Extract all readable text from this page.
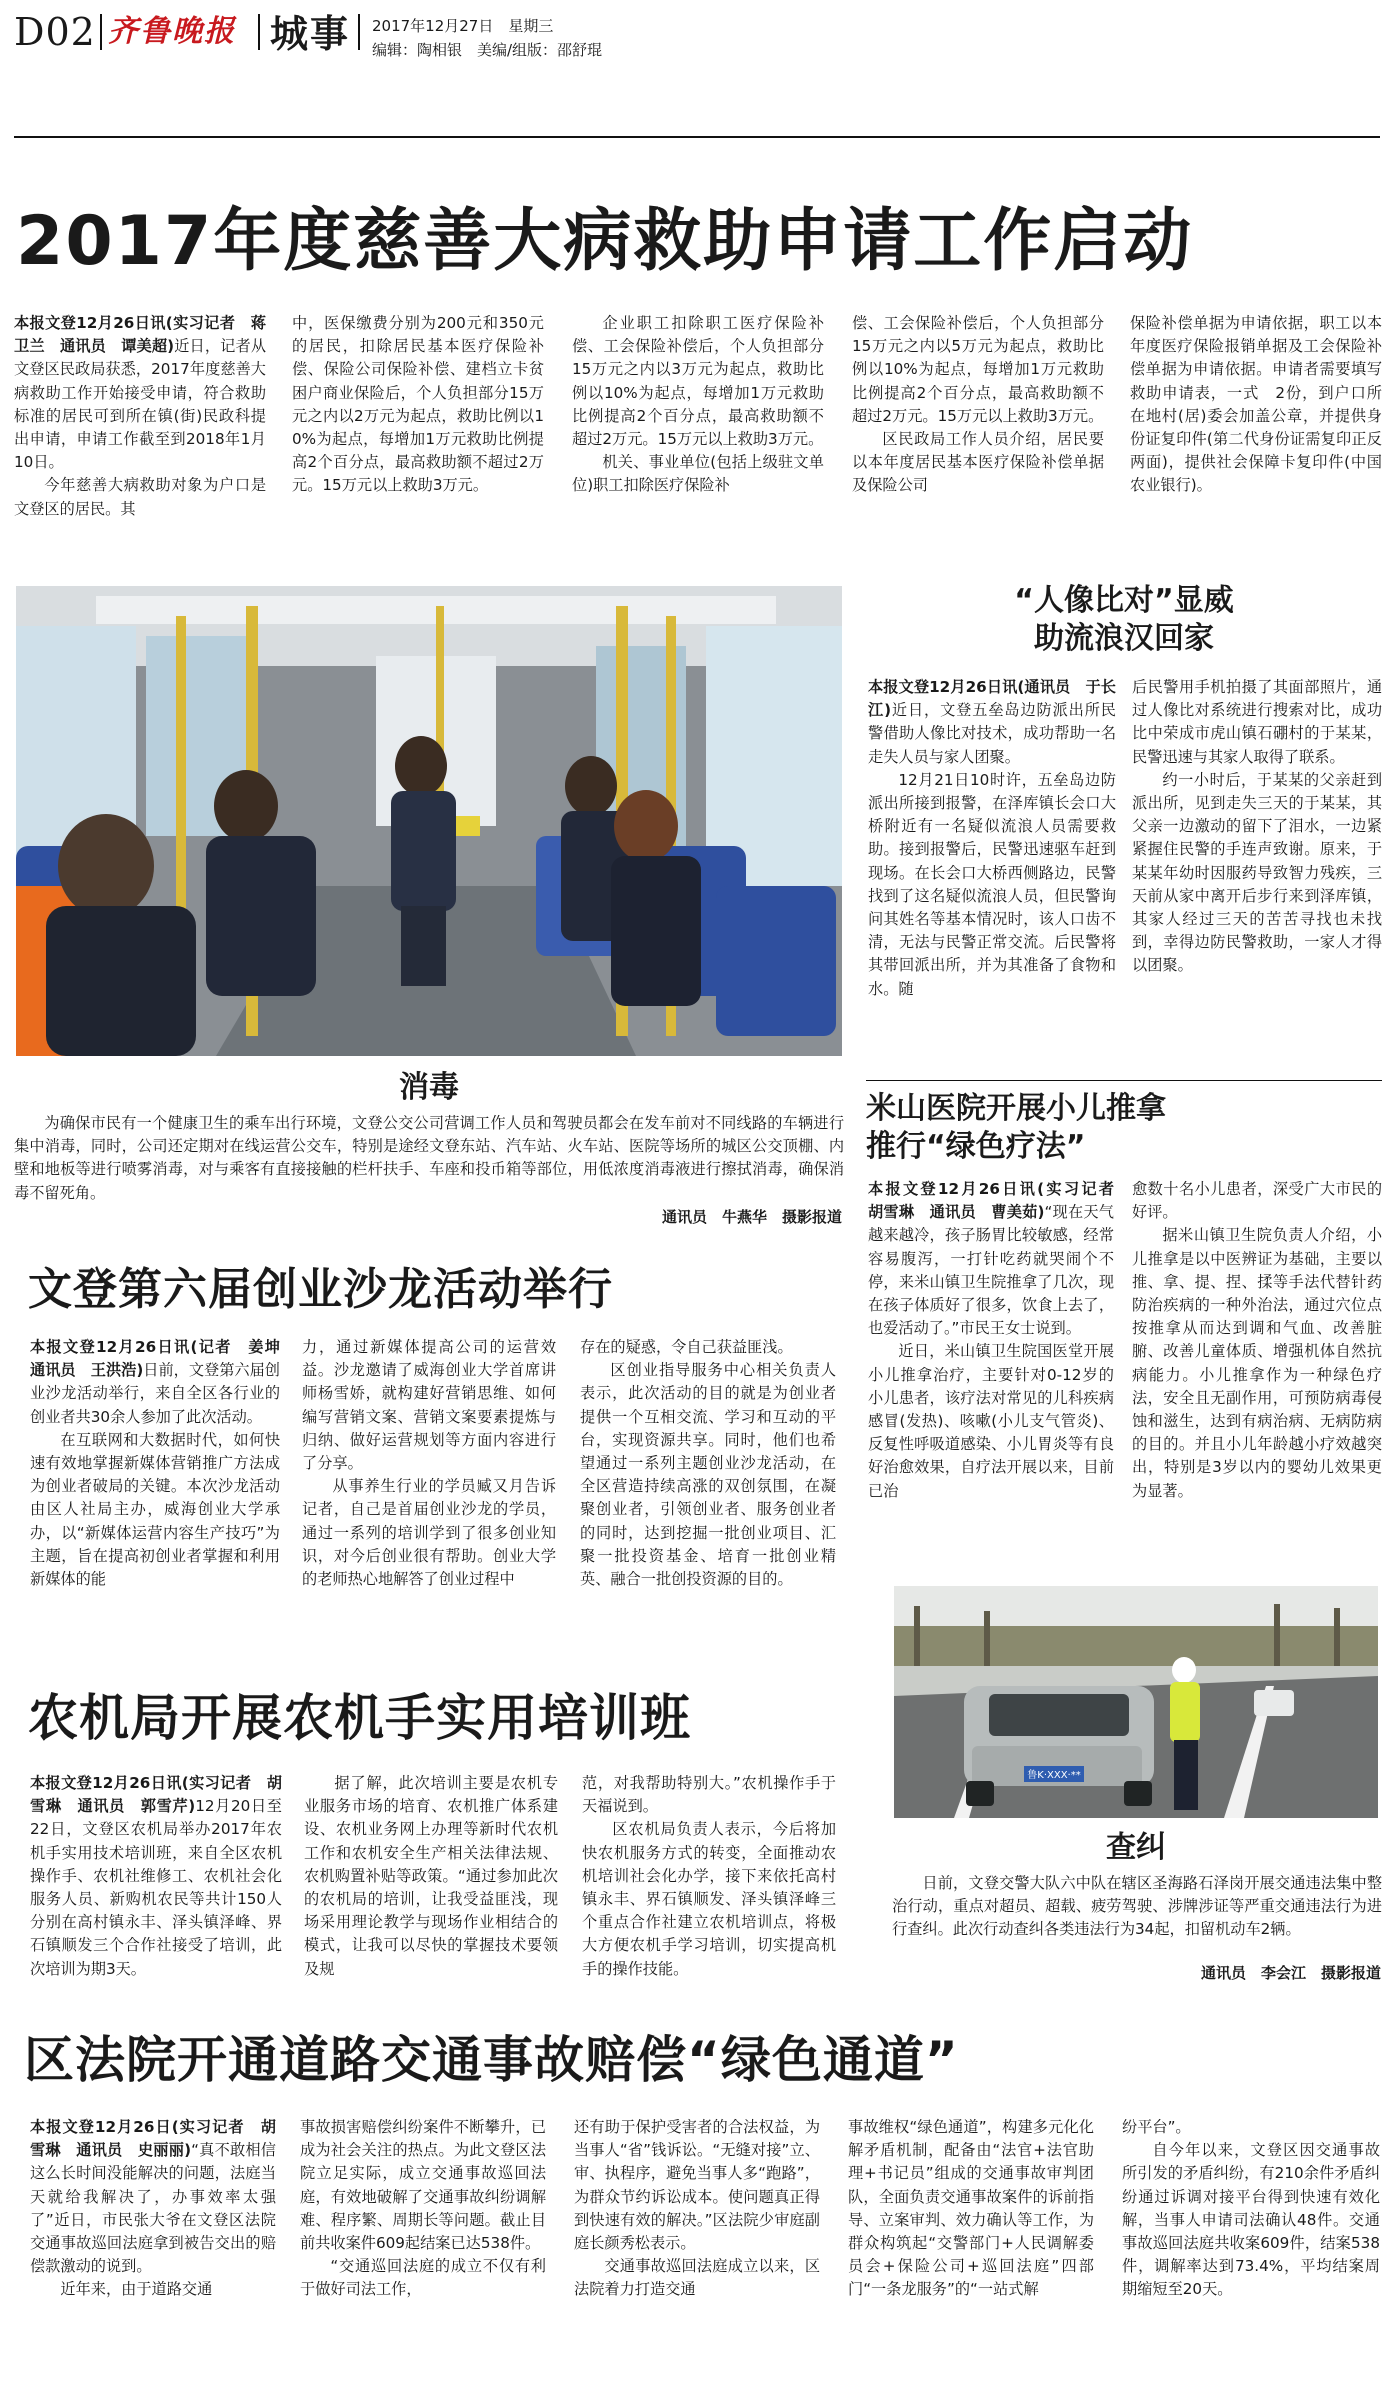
D02 齐鲁晚报 城事 2017年12月27日　星期三
编辑：陶相银　美编/组版：邵舒琨
2017年度慈善大病救助申请工作启动

本报文登12月26日讯(实习记者　蒋卫兰　通讯员　谭美超)近日，记者从文登区民政局获悉，2017年度慈善大病救助工作开始接受申请，符合救助标准的居民可到所在镇(街)民政科提出申请，申请工作截至到2018年1月10日。

今年慈善大病救助对象为户口是文登区的居民。其

中，医保缴费分别为200元和350元的居民，扣除居民基本医疗保险补偿、保险公司保险补偿、建档立卡贫困户商业保险后，个人负担部分15万元之内以2万元为起点，救助比例以10%为起点，每增加1万元救助比例提高2个百分点，最高救助额不超过2万元。15万元以上救助3万元。

企业职工扣除职工医疗保险补偿、工会保险补偿后，个人负担部分15万元之内以3万元为起点，救助比例以10%为起点，每增加1万元救助比例提高2个百分点，最高救助额不超过2万元。15万元以上救助3万元。

机关、事业单位(包括上级驻文单位)职工扣除医疗保险补

偿、工会保险补偿后，个人负担部分15万元之内以5万元为起点，救助比例以10%为起点，每增加1万元救助比例提高2个百分点，最高救助额不超过2万元。15万元以上救助3万元。

区民政局工作人员介绍，居民要以本年度居民基本医疗保险补偿单据及保险公司

保险补偿单据为申请依据，职工以本年度医疗保险报销单据及工会保险补偿单据为申请依据。申请者需要填写救助申请表，一式　2份，到户口所在地村(居)委会加盖公章，并提供身份证复印件(第二代身份证需复印正反两面)，提供社会保障卡复印件(中国农业银行)。

消毒
为确保市民有一个健康卫生的乘车出行环境，文登公交公司营调工作人员和驾驶员都会在发车前对不同线路的车辆进行集中消毒，同时，公司还定期对在线运营公交车，特别是途经文登东站、汽车站、火车站、医院等场所的城区公交顶棚、内壁和地板等进行喷雾消毒，对与乘客有直接接触的栏杆扶手、车座和投币箱等部位，用低浓度消毒液进行擦拭消毒，确保消毒不留死角。
通讯员　牛燕华　摄影报道
“人像比对”显威
助流浪汉回家

本报文登12月26日讯(通讯员　于长江)近日，文登五垒岛边防派出所民警借助人像比对技术，成功帮助一名走失人员与家人团聚。

12月21日10时许，五垒岛边防派出所接到报警，在泽库镇长会口大桥附近有一名疑似流浪人员需要救助。接到报警后，民警迅速驱车赶到现场。在长会口大桥西侧路边，民警找到了这名疑似流浪人员，但民警询问其姓名等基本情况时，该人口齿不清，无法与民警正常交流。后民警将其带回派出所，并为其准备了食物和水。随

后民警用手机拍摄了其面部照片，通过人像比对系统进行搜索对比，成功比中荣成市虎山镇石硼村的于某某，民警迅速与其家人取得了联系。

约一小时后，于某某的父亲赶到派出所，见到走失三天的于某某，其父亲一边激动的留下了泪水，一边紧紧握住民警的手连声致谢。原来，于某某年幼时因服药导致智力残疾，三天前从家中离开后步行来到泽库镇，其家人经过三天的苦苦寻找也未找到，幸得边防民警救助，一家人才得以团聚。

米山医院开展小儿推拿
推行“绿色疗法”

本报文登12月26日讯(实习记者　胡雪琳　通讯员　曹美茹)“现在天气越来越冷，孩子肠胃比较敏感，经常容易腹泻，一打针吃药就哭闹个不停，来米山镇卫生院推拿了几次，现在孩子体质好了很多，饮食上去了，也爱活动了。”市民王女士说到。

近日，米山镇卫生院国医堂开展小儿推拿治疗，主要针对0-12岁的小儿患者，该疗法对常见的儿科疾病感冒(发热)、咳嗽(小儿支气管炎)、反复性呼吸道感染、小儿胃炎等有良好治愈效果，自疗法开展以来，目前已治

愈数十名小儿患者，深受广大市民的好评。

据米山镇卫生院负责人介绍，小儿推拿是以中医辨证为基础，主要以推、拿、提、捏、揉等手法代替针药防治疾病的一种外治法，通过穴位点按推拿从而达到调和气血、改善脏腑、改善儿童体质、增强机体自然抗病能力。小儿推拿作为一种绿色疗法，安全且无副作用，可预防病毒侵蚀和滋生，达到有病治病、无病防病的目的。并且小儿年龄越小疗效越突出，特别是3岁以内的婴幼儿效果更为显著。

文登第六届创业沙龙活动举行

本报文登12月26日讯(记者　姜坤　通讯员　王洪浩)日前，文登第六届创业沙龙活动举行，来自全区各行业的创业者共30余人参加了此次活动。

在互联网和大数据时代，如何快速有效地掌握新媒体营销推广方法成为创业者破局的关键。本次沙龙活动由区人社局主办，威海创业大学承办，以“新媒体运营内容生产技巧”为主题，旨在提高初创业者掌握和利用新媒体的能

力，通过新媒体提高公司的运营效益。沙龙邀请了威海创业大学首席讲师杨雪娇，就构建好营销思维、如何编写营销文案、营销文案要素提炼与归纳、做好运营规划等方面内容进行了分享。

从事养生行业的学员臧又月告诉记者，自己是首届创业沙龙的学员，通过一系列的培训学到了很多创业知识，对今后创业很有帮助。创业大学的老师热心地解答了创业过程中

存在的疑惑，令自己获益匪浅。

区创业指导服务中心相关负责人表示，此次活动的目的就是为创业者提供一个互相交流、学习和互动的平台，实现资源共享。同时，他们也希望通过一系列主题创业沙龙活动，在全区营造持续高涨的双创氛围，在凝聚创业者，引领创业者、服务创业者的同时，达到挖掘一批创业项目、汇聚一批投资基金、培育一批创业精英、融合一批创投资源的目的。

农机局开展农机手实用培训班

本报文登12月26日讯(实习记者　胡雪琳　通讯员　郭雪芹)12月20日至22日，文登区农机局举办2017年农机手实用技术培训班，来自全区农机操作手、农机社维修工、农机社会化服务人员、新购机农民等共计150人分别在高村镇永丰、泽头镇泽峰、界石镇顺发三个合作社接受了培训，此次培训为期3天。

据了解，此次培训主要是农机专业服务市场的培育、农机推广体系建设、农机业务网上办理等新时代农机工作和农机安全生产相关法律法规、农机购置补贴等政策。“通过参加此次的农机局的培训，让我受益匪浅，现场采用理论教学与现场作业相结合的模式，让我可以尽快的掌握技术要领及规

范，对我帮助特别大。”农机操作手于天福说到。

区农机局负责人表示，今后将加快农机服务方式的转变，全面推动农机培训社会化办学，接下来依托高村镇永丰、界石镇顺发、泽头镇泽峰三个重点合作社建立农机培训点，将极大方便农机手学习培训，切实提高机手的操作技能。

鲁K·XXX·**
查纠
日前，文登交警大队六中队在辖区圣海路石泽岗开展交通违法集中整治行动，重点对超员、超载、疲劳驾驶、涉牌涉证等严重交通违法行为进行查纠。此次行动查纠各类违法行为34起，扣留机动车2辆。
通讯员　李会江　摄影报道
区法院开通道路交通事故赔偿“绿色通道”

本报文登12月26日(实习记者　胡雪琳　通讯员　史丽丽)“真不敢相信这么长时间没能解决的问题，法庭当天就给我解决了，办事效率太强了”近日，市民张大爷在文登区法院交通事故巡回法庭拿到被告交出的赔偿款激动的说到。

近年来，由于道路交通

事故损害赔偿纠纷案件不断攀升，已成为社会关注的热点。为此文登区法院立足实际，成立交通事故巡回法庭，有效地破解了交通事故纠纷调解难、程序繁、周期长等问题。截止目前共收案件609起结案已达538件。

“交通巡回法庭的成立不仅有利于做好司法工作，

还有助于保护受害者的合法权益，为当事人“省”钱诉讼。“无缝对接”立、审、执程序，避免当事人多“跑路”，为群众节约诉讼成本。使问题真正得到快速有效的解决。”区法院少审庭副庭长颜秀松表示。

交通事故巡回法庭成立以来，区法院着力打造交通

事故维权“绿色通道”，构建多元化化解矛盾机制，配备由“法官+法官助理+书记员”组成的交通事故审判团队，全面负责交通事故案件的诉前指导、立案审判、效力确认等工作，为群众构筑起“交警部门+人民调解委员会+保险公司+巡回法庭”四部门“一条龙服务”的“一站式解

纷平台”。

自今年以来，文登区因交通事故所引发的矛盾纠纷，有210余件矛盾纠纷通过诉调对接平台得到快速有效化解，当事人申请司法确认48件。交通事故巡回法庭共收案609件，结案538件，调解率达到73.4%，平均结案周期缩短至20天。
